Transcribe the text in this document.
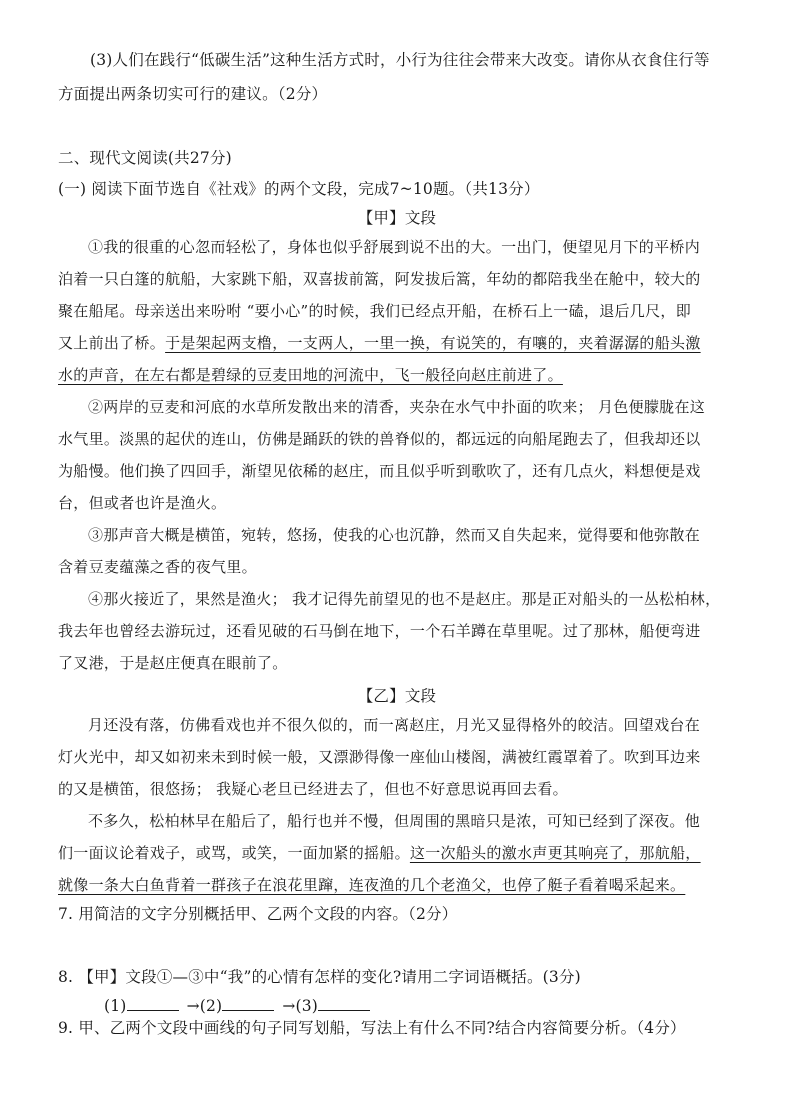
(3)人们在践行“低碳生活”这种生活方式时，小行为往往会带来大改变。请你从衣食住行等

方面提出两条切实可行的建议。（2分）

二、现代文阅读(共27分)

(一) 阅读下面节选自《社戏》的两个文段，完成7~10题。（共13分）

【甲】文段

①我的很重的心忽而轻松了，身体也似乎舒展到说不出的大。一出门，便望见月下的平桥内

泊着一只白篷的航船，大家跳下船，双喜拔前篙，阿发拔后篙，年幼的都陪我坐在舱中，较大的

聚在船尾。母亲送出来吩咐 “要小心”的时候，我们已经点开船，在桥石上一磕，退后几尺，即

又上前出了桥。于是架起两支橹，一支两人，一里一换，有说笑的，有嚷的，夹着潺潺的船头激

水的声音，在左右都是碧绿的豆麦田地的河流中，飞一般径向赵庄前进了。

②两岸的豆麦和河底的水草所发散出来的清香，夹杂在水气中扑面的吹来； 月色便朦胧在这

水气里。淡黑的起伏的连山，仿佛是踊跃的铁的兽脊似的，都远远的向船尾跑去了，但我却还以

为船慢。他们换了四回手，渐望见依稀的赵庄，而且似乎听到歌吹了，还有几点火，料想便是戏

台，但或者也许是渔火。

③那声音大概是横笛，宛转，悠扬，使我的心也沉静，然而又自失起来，觉得要和他弥散在

含着豆麦蕴藻之香的夜气里。

④那火接近了，果然是渔火； 我才记得先前望见的也不是赵庄。那是正对船头的一丛松柏林，

我去年也曾经去游玩过，还看见破的石马倒在地下，一个石羊蹲在草里呢。过了那林，船便弯进

了叉港，于是赵庄便真在眼前了。

【乙】文段

月还没有落，仿佛看戏也并不很久似的，而一离赵庄，月光又显得格外的皎洁。回望戏台在

灯火光中，却又如初来未到时候一般，又漂渺得像一座仙山楼阁，满被红霞罩着了。吹到耳边来

的又是横笛，很悠扬； 我疑心老旦已经进去了，但也不好意思说再回去看。

不多久，松柏林早在船后了，船行也并不慢，但周围的黑暗只是浓，可知已经到了深夜。他

们一面议论着戏子，或骂，或笑，一面加紧的摇船。这一次船头的激水声更其响亮了，那航船，

就像一条大白鱼背着一群孩子在浪花里蹿，连夜渔的几个老渔父，也停了艇子看着喝采起来。

7. 用简洁的文字分别概括甲、乙两个文段的内容。（2分）

8. 【甲】文段①—③中“我”的心情有怎样的变化?请用二字词语概括。(3分)

(1)	→(2)	→(3)

9. 甲、乙两个文段中画线的句子同写划船，写法上有什么不同?结合内容简要分析。（4分）
